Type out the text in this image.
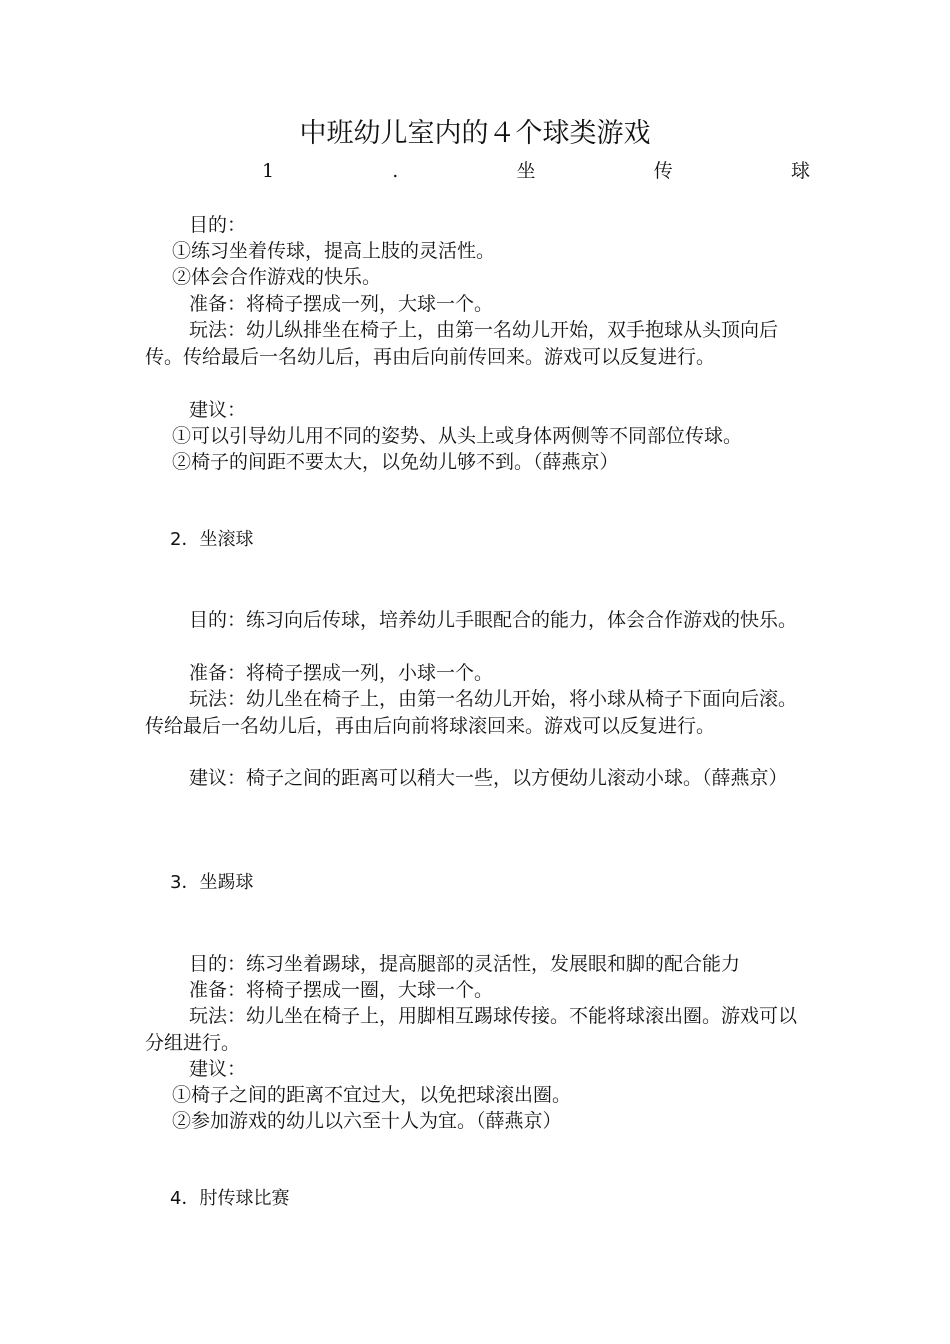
中班幼儿室内的４个球类游戏
1	.	坐	传	球
目的：
①练习坐着传球，提高上肢的灵活性。
②体会合作游戏的快乐。
准备：将椅子摆成一列，大球一个。

玩法：幼儿纵排坐在椅子上，由第一名幼儿开始，双手抱球从头顶向后传。传给最后一名幼儿后，再由后向前传回来。游戏可以反复进行。

建议：
①可以引导幼儿用不同的姿势、从头上或身体两侧等不同部位传球。
②椅子的间距不要太大，以免幼儿够不到。（薛燕京）
2．坐滚球

目的：练习向后传球，培养幼儿手眼配合的能力，体会合作游戏的快乐。

准备：将椅子摆成一列，小球一个。

玩法：幼儿坐在椅子上，由第一名幼儿开始，将小球从椅子下面向后滚。传给最后一名幼儿后，再由后向前将球滚回来。游戏可以反复进行。

建议：椅子之间的距离可以稍大一些，以方便幼儿滚动小球。（薛燕京）

3．坐踢球
目的：练习坐着踢球，提高腿部的灵活性，发展眼和脚的配合能力
准备：将椅子摆成一圈，大球一个。

玩法：幼儿坐在椅子上，用脚相互踢球传接。不能将球滚出圈。游戏可以分组进行。

建议：
①椅子之间的距离不宜过大，以免把球滚出圈。
②参加游戏的幼儿以六至十人为宜。（薛燕京）
4．肘传球比赛
